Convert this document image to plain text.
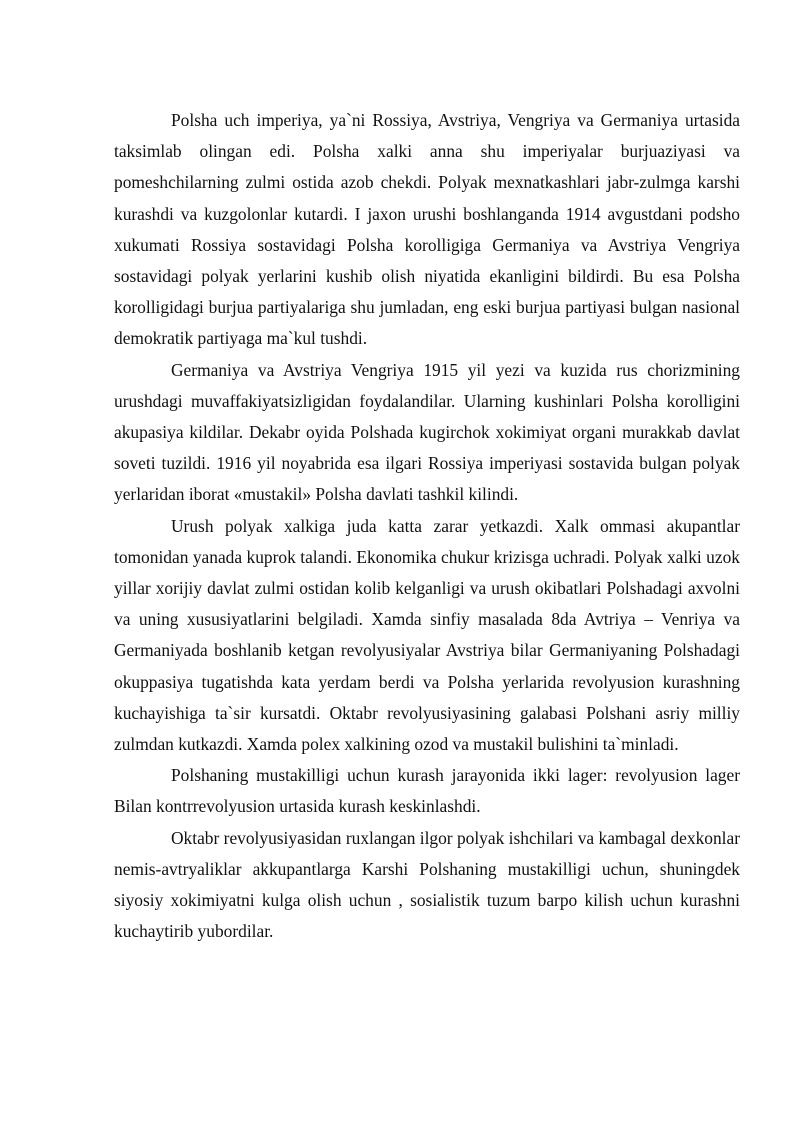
Polsha uch imperiya, ya`ni Rossiya, Avstriya, Vengriya va Germaniya urtasida taksimlab olingan edi. Polsha xalki anna shu imperiyalar burjuaziyasi va pomeshchilarning zulmi ostida azob chekdi. Polyak mexnatkashlari jabr-zulmga karshi kurashdi va kuzgolonlar kutardi. I jaxon urushi boshlanganda 1914 avgustdani podsho xukumati Rossiya sostavidagi Polsha korolligiga Germaniya va Avstriya Vengriya sostavidagi polyak yerlarini kushib olish niyatida ekanligini bildirdi. Bu esa Polsha korolligidagi burjua partiyalariga shu jumladan, eng eski burjua partiyasi bulgan nasional demokratik partiyaga ma`kul tushdi.

Germaniya va Avstriya Vengriya 1915 yil yezi va kuzida rus chorizmining urushdagi muvaffakiyatsizligidan foydalandilar. Ularning kushinlari Polsha korolligini akupasiya kildilar. Dekabr oyida Polshada kugirchok xokimiyat organi murakkab davlat soveti tuzildi. 1916 yil noyabrida esa ilgari Rossiya imperiyasi sostavida bulgan polyak yerlaridan iborat «mustakil» Polsha davlati tashkil kilindi.

Urush polyak xalkiga juda katta zarar yetkazdi. Xalk ommasi akupantlar tomonidan yanada kuprok talandi. Ekonomika chukur krizisga uchradi. Polyak xalki uzok yillar xorijiy davlat zulmi ostidan kolib kelganligi va urush okibatlari Polshadagi axvolni va uning xususiyatlarini belgiladi. Xamda sinfiy masalada 8da Avtriya – Venriya va Germaniyada boshlanib ketgan revolyusiyalar Avstriya bilar Germaniyaning Polshadagi okuppasiya tugatishda kata yerdam berdi va Polsha yerlarida revolyusion kurashning kuchayishiga ta`sir kursatdi. Oktabr revolyusiyasining galabasi Polshani asriy milliy zulmdan kutkazdi. Xamda polex xalkining ozod va mustakil bulishini ta`minladi.

Polshaning mustakilligi uchun kurash jarayonida ikki lager: revolyusion lager Bilan kontrrevolyusion urtasida kurash keskinlashdi.

Oktabr revolyusiyasidan ruxlangan ilgor polyak ishchilari va kambagal dexkonlar nemis-avtryaliklar akkupantlarga Karshi Polshaning mustakilligi uchun, shuningdek siyosiy xokimiyatni kulga olish uchun , sosialistik tuzum barpo kilish uchun kurashni kuchaytirib yubordilar.
